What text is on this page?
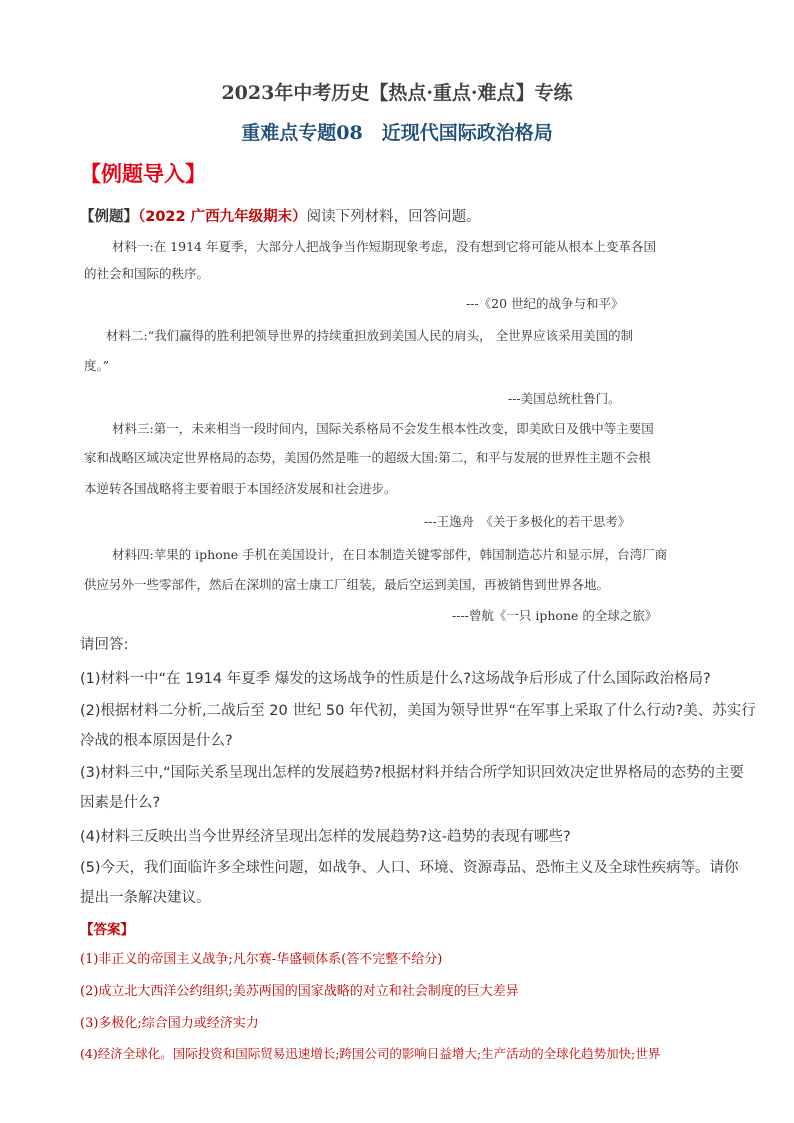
2023年中考历史【热点·重点·难点】专练
重难点专题08　近现代国际政治格局
【例题导入】
【例题】（2022 广西九年级期末）阅读下列材料，回答问题。
材料一:在 1914 年夏季，大部分人把战争当作短期现象考虑，没有想到它将可能从根本上变革各国
的社会和国际的秩序。
---《20 世纪的战争与和平》
材料二:“我们赢得的胜利把领导世界的持续重担放到美国人民的肩头， 全世界应该采用美国的制
度。”
---美国总统杜鲁门。
材料三:第一，未来相当一段时间内，国际关系格局不会发生根本性改变，即美欧日及俄中等主要国
家和战略区域决定世界格局的态势，美国仍然是唯一的超级大国:第二，和平与发展的世界性主题不会根
本逆转各国战略将主要着眼于本国经济发展和社会进步。
---王逸舟　《关于多极化的若干思考》
材料四:苹果的 iphone 手机在美国设计，在日本制造关键零部件，韩国制造芯片和显示屏，台湾厂商
供应另外一些零部件，然后在深圳的富士康工厂组装，最后空运到美国，再被销售到世界各地。
----曾航《一只 iphone 的全球之旅》
请回答:
(1)材料一中“在 1914 年夏季 爆发的这场战争的性质是什么?这场战争后形成了什么国际政治格局?
(2)根据材料二分析,二战后至 20 世纪 50 年代初，美国为领导世界“在军事上采取了什么行动?美、苏实行
冷战的根本原因是什么?
(3)材料三中,“国际关系呈现出怎样的发展趋势?根据材料并结合所学知识回效决定世界格局的态势的主要
因素是什么?
(4)材料三反映出当今世界经济呈现出怎样的发展趋势?这-趋势的表现有哪些?
(5)今天，我们面临许多全球性问题，如战争、人口、环境、资源毒品、恐怖主义及全球性疾病等。请你
提出一条解决建议。
【答案】
(1)非正义的帝国主义战争;凡尔赛-华盛顿体系(答不完整不给分)
(2)成立北大西洋公约组织;美苏两国的国家战略的对立和社会制度的巨大差异
(3)多极化;综合国力或经济实力
(4)经济全球化。国际投资和国际贸易迅速增长;跨国公司的影响日益增大;生产活动的全球化趋势加快;世界
